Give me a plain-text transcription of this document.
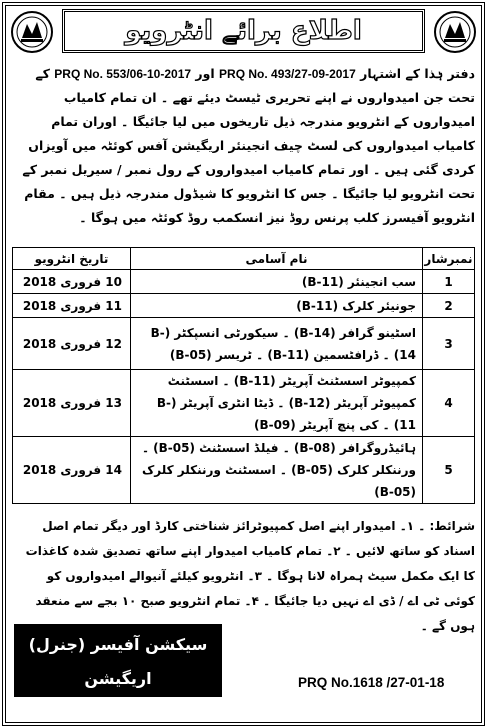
اطلاع برائے انٹرویو
دفتر ہٰذا کے اشتہار PRQ No. 493/27-09-2017 اور PRQ No. 553/06-10-2017 کے تحت جن امیدواروں نے اپنے تحریری ٹیسٹ دیئے تھے ۔ ان تمام کامیاب امیدواروں کے انٹرویو مندرجہ ذیل تاریخوں میں لیا جائیگا ۔ اوران تمام کامیاب امیدواروں کی لسٹ چیف انجینئر اریگیشن آفس کوئٹہ میں آویزاں کردی گئی ہیں ۔ اور تمام کامیاب امیدواروں کے رول نمبر / سیریل نمبر کے تحت انٹرویو لیا جائیگا ۔ جس کا انٹرویو کا شیڈول مندرجہ ذیل ہیں ۔ مقام انٹرویو آفیسرز کلب پرنس روڈ نیز انسکمب روڈ کوئٹہ میں ہوگا ۔
نمبرشار	نام آسامی	تاریخ انٹرویو
1	سب انجینئر (B-11)	10 فروری 2018
2	جونیئر کلرک (B-11)	11 فروری 2018
3	اسٹینو گرافر (B-14) ۔ سیکورٹی انسپکٹر (B-14) ۔ ڈرافٹسمین (B-11) ۔ ٹریسر (B-05)	12 فروری 2018
4	کمپیوٹر اسسٹنٹ آپریٹر (B-11) ۔ اسسٹنٹ کمپیوٹر آپریٹر (B-12) ۔ ڈیٹا انٹری آپریٹر (B-11) ۔ کی پنچ آپریٹر (B-09)	13 فروری 2018
5	ہائیڈروگرافر (B-08) ۔ فیلڈ اسسٹنٹ (B-05) ۔ ورننکلر کلرک (B-05) ۔ اسسٹنٹ ورننکلر کلرک (B-05)	14 فروری 2018
شرائط: ۔ ۱۔ امیدوار اپنے اصل کمپیوٹرائز شناختی کارڈ اور دیگر تمام اصل اسناد کو ساتھ لائیں ۔ ۲۔ تمام کامیاب امیدوار اپنے ساتھ تصدیق شدہ کاغذات کا ایک مکمل سیٹ ہمراہ لانا ہوگا ۔ ۳۔ انٹرویو کیلئے آنیوالے امیدواروں کو کوئی ٹی اے / ڈی اے نہیں دیا جائیگا ۔ ۴۔ تمام انٹرویو صبح ۱۰ بجے سے منعقد ہوں گے ۔
سیکشن آفیسر (جنرل) اریگیشن
ڈیپارٹمنٹ کوئٹہ بلوچستان
PRQ No.1618 /27-01-18
